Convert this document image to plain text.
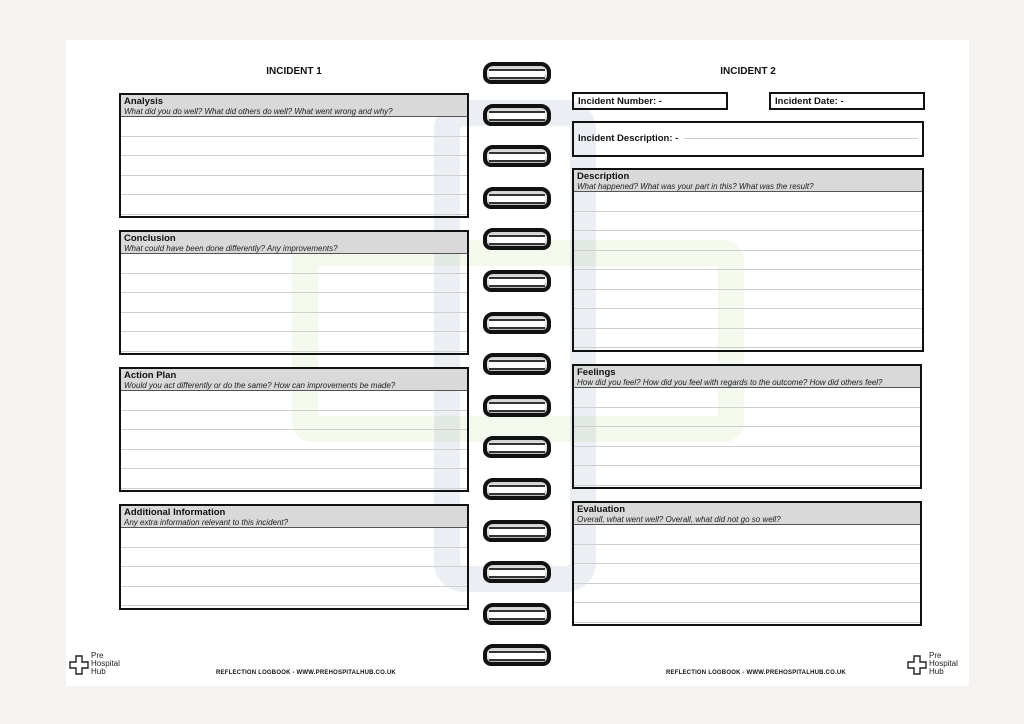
INCIDENT 1
Analysis
What did you do well? What did others do well? What went wrong and why?
Conclusion
What could have been done differently? Any improvements?
Action Plan
Would you act differently or do the same? How can improvements be made?
Additional Information
Any extra information relevant to this incident?
REFLECTION LOGBOOK - WWW.PREHOSPITALHUB.CO.UK
Pre
Hospital
Hub
INCIDENT 2
Incident Number: -	Incident Date: -
Incident Description: -
Description
What happened? What was your part in this? What was the result?
Feelings
How did you feel? How did you feel with regards to the outcome? How did others feel?
Evaluation
Overall, what went well? Overall, what did not go so well?
REFLECTION LOGBOOK - WWW.PREHOSPITALHUB.CO.UK
Pre
Hospital
Hub
